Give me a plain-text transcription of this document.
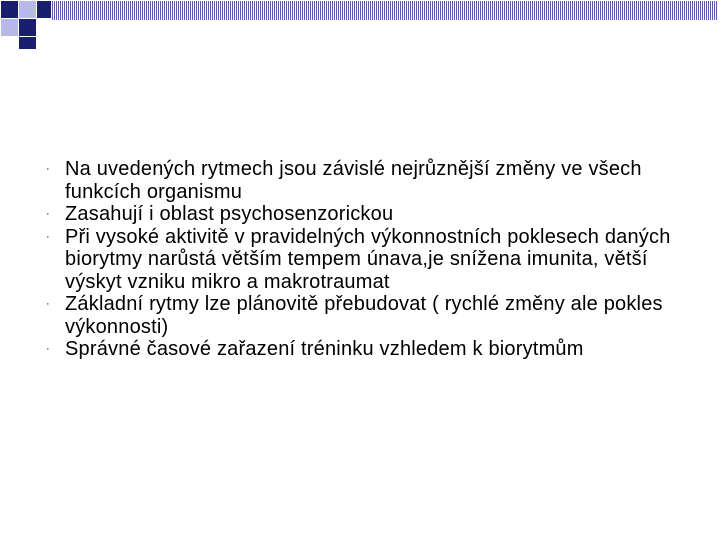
· Na uvedených rytmech jsou závislé nejrůznější změny ve všech funkcích organismu
· Zasahují i oblast psychosenzorickou
· Při vysoké aktivitě v pravidelných výkonnostních poklesech daných biorytmy narůstá větším tempem únava,je snížena imunita, větší výskyt vzniku mikro a makrotraumat
· Základní rytmy lze plánovitě přebudovat ( rychlé změny ale pokles výkonnosti)
· Správné časové zařazení tréninku vzhledem k biorytmům
